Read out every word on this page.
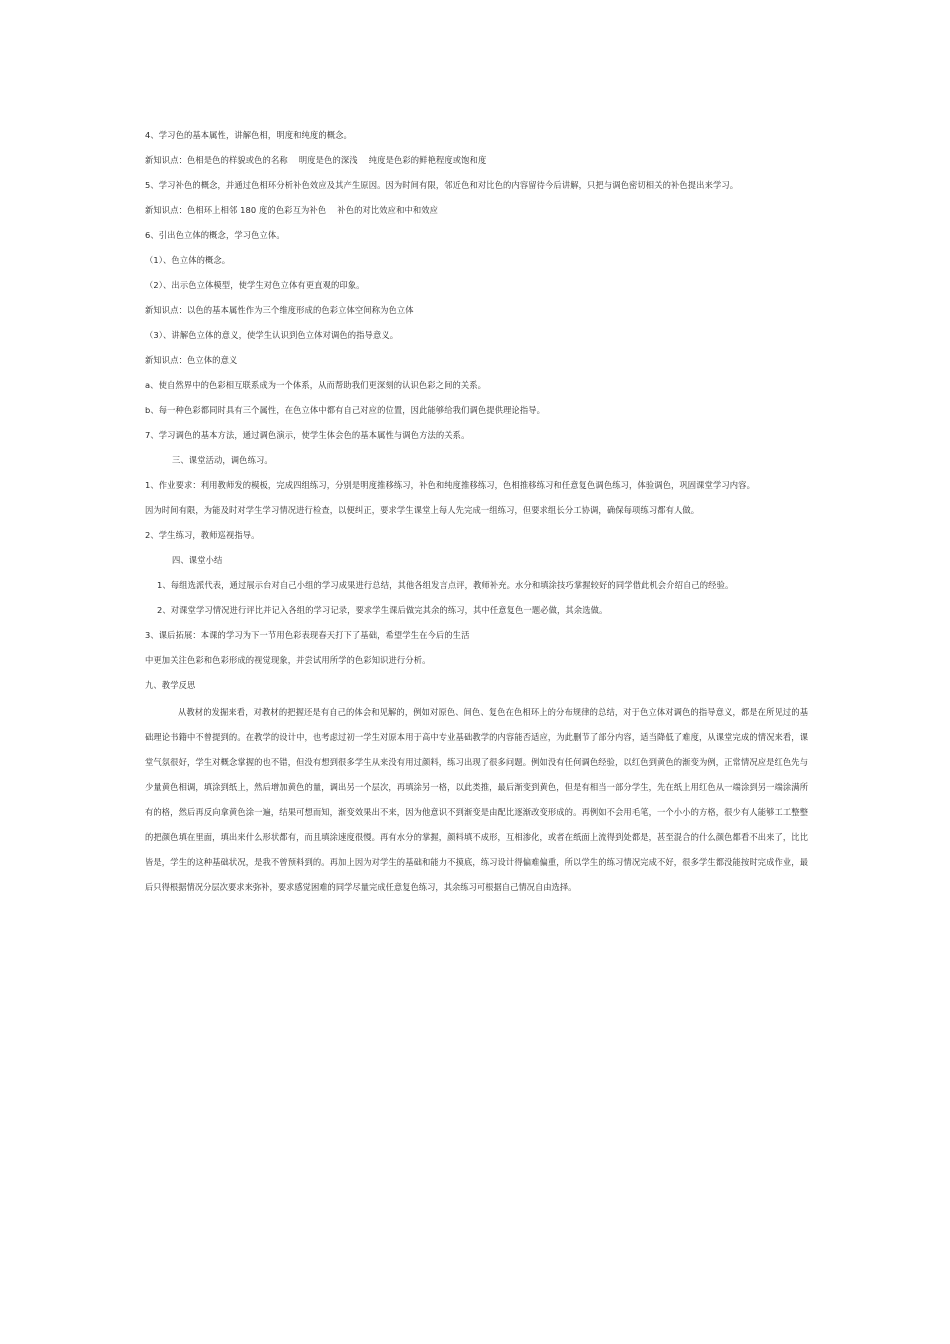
4、学习色的基本属性，讲解色相，明度和纯度的概念。
新知识点：色相是色的样貌或色的名称　 明度是色的深浅　 纯度是色彩的鲜艳程度或饱和度
5、学习补色的概念，并通过色相环分析补色效应及其产生原因。因为时间有限，邻近色和对比色的内容留待今后讲解，只把与调色密切相关的补色提出来学习。
新知识点：色相环上相邻 180 度的色彩互为补色　 补色的对比效应和中和效应
6、引出色立体的概念，学习色立体。
（1）、色立体的概念。
（2）、出示色立体模型，使学生对色立体有更直观的印象。
新知识点：以色的基本属性作为三个维度形成的色彩立体空间称为色立体
（3）、讲解色立体的意义，使学生认识到色立体对调色的指导意义。
新知识点：色立体的意义
a、使自然界中的色彩相互联系成为一个体系，从而帮助我们更深刻的认识色彩之间的关系。
b、每一种色彩都同时具有三个属性，在色立体中都有自己对应的位置，因此能够给我们调色提供理论指导。
7、学习调色的基本方法，通过调色演示，使学生体会色的基本属性与调色方法的关系。
三、课堂活动，调色练习。
1、作业要求：利用教师发的模板，完成四组练习，分别是明度推移练习，补色和纯度推移练习，色相推移练习和任意复色调色练习，体验调色，巩固课堂学习内容。
因为时间有限，为能及时对学生学习情况进行检查，以便纠正，要求学生课堂上每人先完成一组练习，但要求组长分工协调，确保每项练习都有人做。
2、学生练习，教师巡视指导。
四、课堂小结
1、每组选派代表，通过展示台对自己小组的学习成果进行总结，其他各组发言点评，教师补充。水分和填涂技巧掌握较好的同学借此机会介绍自己的经验。
2、对课堂学习情况进行评比并记入各组的学习记录，要求学生课后做完其余的练习，其中任意复色一题必做，其余选做。
3、课后拓展：本课的学习为下一节用色彩表现春天打下了基础，希望学生在今后的生活
中更加关注色彩和色彩形成的视觉现象，并尝试用所学的色彩知识进行分析。
九、教学反思
从教材的发掘来看，对教材的把握还是有自己的体会和见解的，例如对原色、间色、复色在色相环上的分布规律的总结，对于色立体对调色的指导意义，都是在所见过的基础理论书籍中不曾提到的。在教学的设计中，也考虑过初一学生对原本用于高中专业基础教学的内容能否适应，为此删节了部分内容，适当降低了难度，从课堂完成的情况来看，课堂气氛很好，学生对概念掌握的也不错，但没有想到很多学生从来没有用过颜料，练习出现了很多问题。例如没有任何调色经验，以红色到黄色的渐变为例，正常情况应是红色先与少量黄色相调，填涂到纸上，然后增加黄色的量，调出另一个层次，再填涂另一格，以此类推，最后渐变到黄色，但是有相当一部分学生，先在纸上用红色从一端涂到另一端涂满所有的格，然后再反向拿黄色涂一遍，结果可想而知，渐变效果出不来，因为他意识不到渐变是由配比逐渐改变形成的。再例如不会用毛笔，一个小小的方格，很少有人能够工工整整的把颜色填在里面，填出来什么形状都有，而且填涂速度很慢。再有水分的掌握，颜料填不成形，互相渗化，或者在纸面上流得到处都是，甚至混合的什么颜色都看不出来了，比比皆是，学生的这种基础状况，是我不曾预料到的。再加上因为对学生的基础和能力不摸底，练习设计得偏难偏重，所以学生的练习情况完成不好，很多学生都没能按时完成作业，最后只得根据情况分层次要求来弥补，要求感觉困难的同学尽量完成任意复色练习，其余练习可根据自己情况自由选择。
